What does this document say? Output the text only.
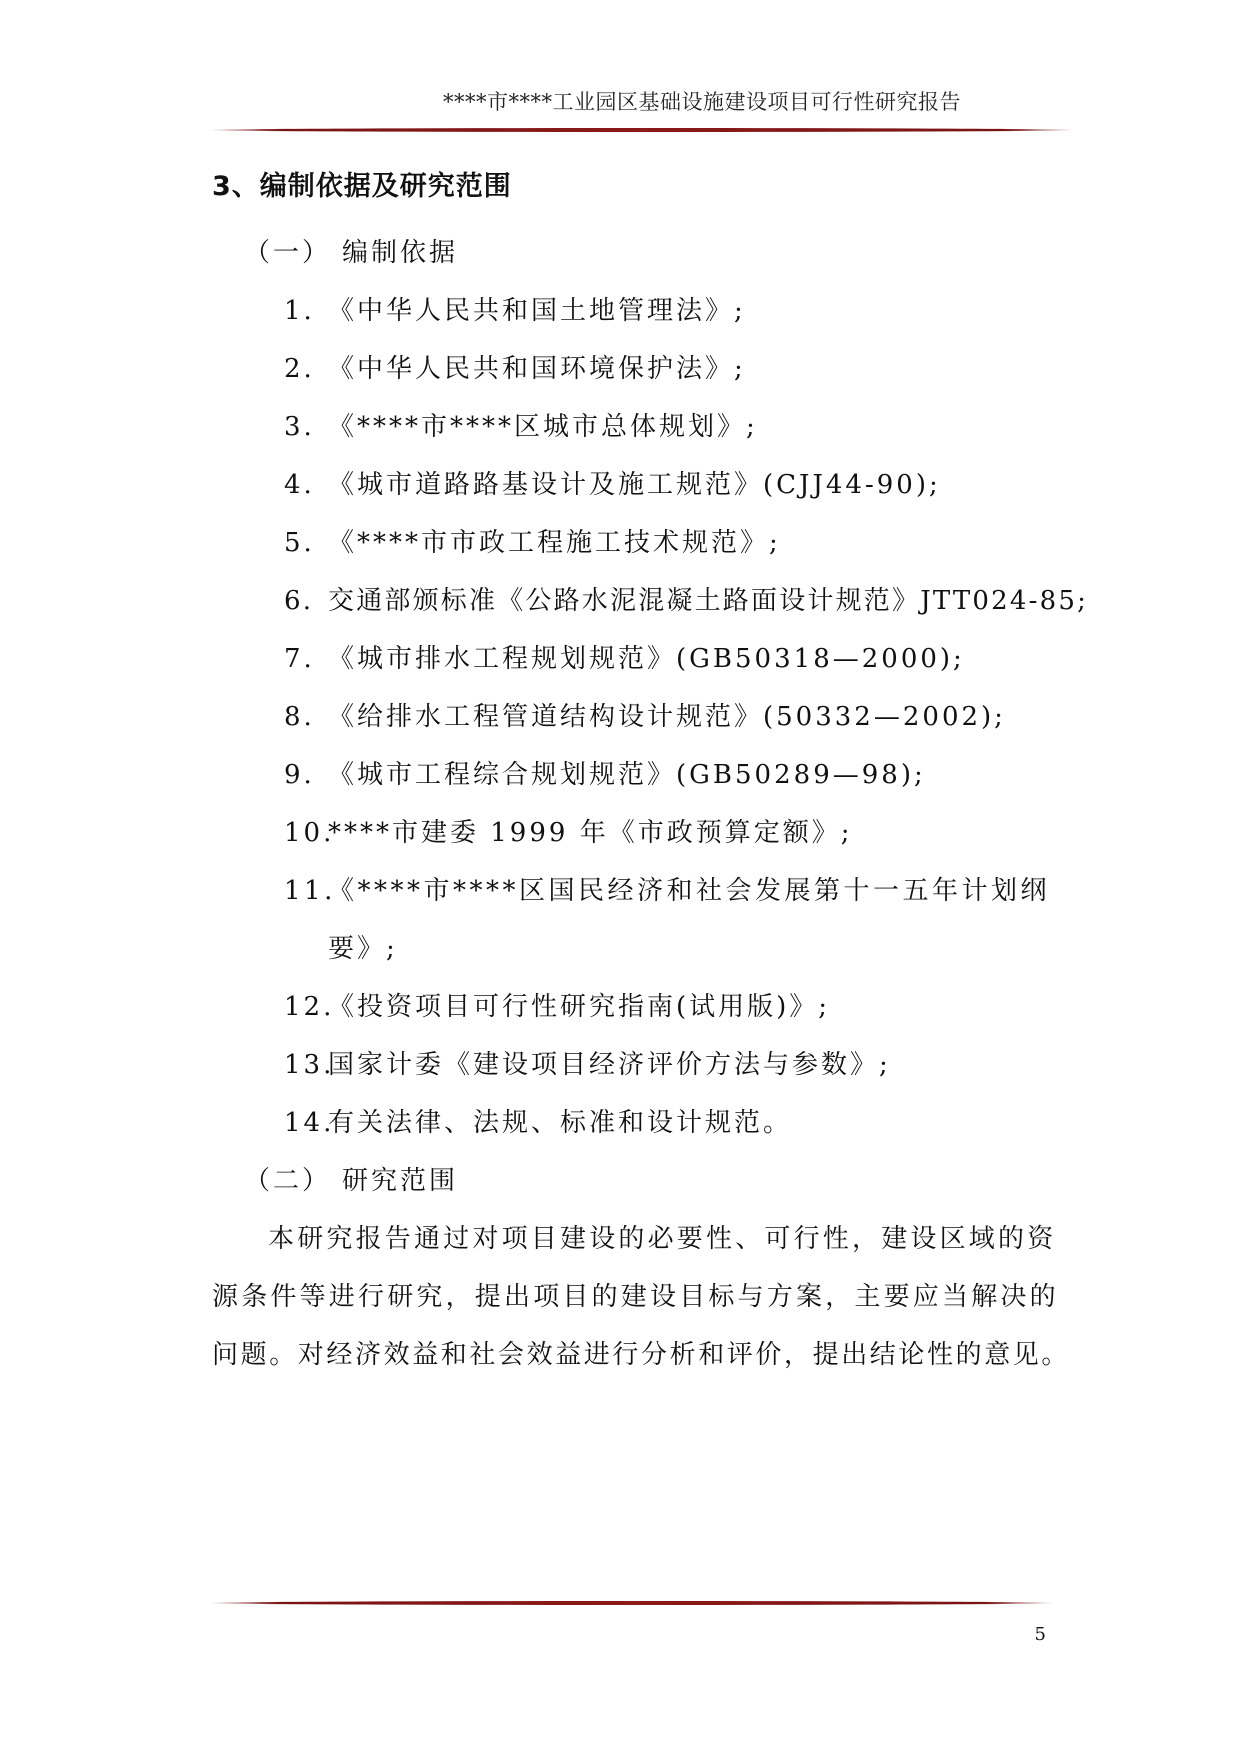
****市****工业园区基础设施建设项目可行性研究报告
3、编制依据及研究范围
（一） 编制依据
1. 《中华人民共和国土地管理法》;
2. 《中华人民共和国环境保护法》;
3. 《****市****区城市总体规划》;
4. 《城市道路路基设计及施工规范》(CJJ44-90);
5. 《****市市政工程施工技术规范》;
6. 交通部颁标准《公路水泥混凝土路面设计规范》JTT024-85;
7. 《城市排水工程规划规范》(GB50318—2000);
8. 《给排水工程管道结构设计规范》(50332—2002);
9. 《城市工程综合规划规范》(GB50289—98);
10.****市建委 1999 年《市政预算定额》;
11.《****市****区国民经济和社会发展第十一五年计划纲
要》;
12.《投资项目可行性研究指南(试用版)》;
13.国家计委《建设项目经济评价方法与参数》;
14.有关法律、法规、标准和设计规范。
（二） 研究范围
本研究报告通过对项目建设的必要性、可行性，建设区域的资
源条件等进行研究，提出项目的建设目标与方案，主要应当解决的
问题。对经济效益和社会效益进行分析和评价，提出结论性的意见。
5
